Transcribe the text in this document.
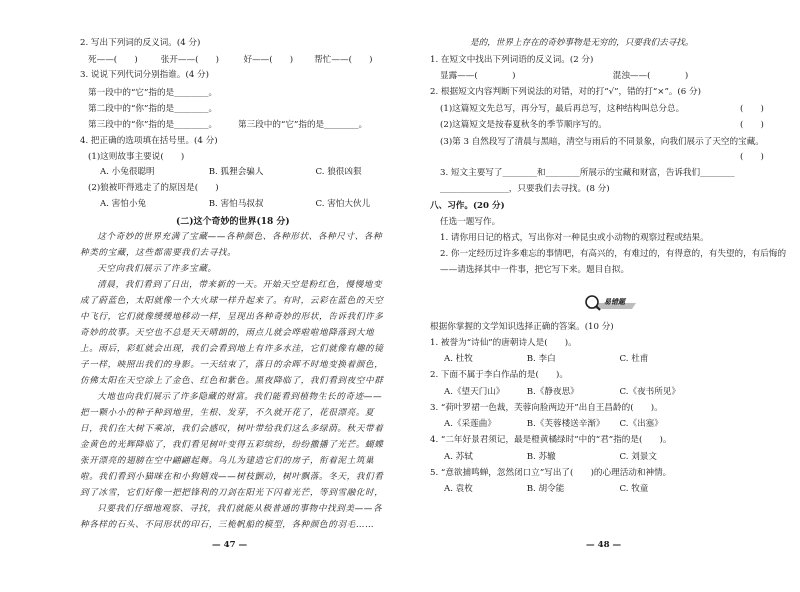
2. 写出下列词的反义词。(4 分)
死——(　　)	张开——(　　)	好——(　　) 帮忙——(　　)
3. 说说下列代词分别指谁。(4 分)
第一段中的“它”指的是________。
第二段中的“你”指的是________。
第三段中的“你”指的是________。 第三段中的“它”指的是________。
4. 把正确的选项填在括号里。(4 分)
(1)这则故事主要说(　　)
A. 小兔很聪明	B. 狐狸会骗人	C. 狼很凶狠
(2)狼被吓得逃走了的原因是(　　)
A. 害怕小兔	B. 害怕马叔叔	C. 害怕大伙儿
(二)这个奇妙的世界(18 分)
这个奇妙的世界充满了宝藏——各种颜色、各种形状、各种尺寸、各种种类的宝藏，这些都需要我们去寻找。
天空向我们展示了许多宝藏。
清晨，我们看到了日出，带来新的一天。开始天空是粉红色，慢慢地变成了蔚蓝色，太阳就像一个大火球一样升起来了。有时，云彩在蓝色的天空中飞行，它们就像缓缓地移动一样，呈现出各种奇妙的形状，告诉我们许多奇妙的故事。天空也不总是天天晴朗的，雨点儿就会哗啦啦地降落到大地上。雨后，彩虹就会出现，我们会看到地上有许多水洼，它们就像有趣的镜子一样，映照出我们的身影。一天结束了，落日的余晖不时地变换着颜色，仿佛太阳在天空涂上了金色、红色和紫色。黑夜降临了，我们看到夜空中群
大地也向我们展示了许多隐藏的财富。我们能看到植物生长的奇迹——把一颗小小的种子种到地里，生根、发芽，不久就开花了，花很漂亮。夏日，我们在大树下乘凉，我们会感叹，树叶带给我们这么多绿荫。秋天带着金黄色的光辉降临了，我们看见树叶变得五彩缤纷，纷纷撒播了光芒。蝴蝶张开漂亮的翅膀在空中翩翩起舞。鸟儿为建造它们的房子，衔着泥土筑巢啦。我们看到小猫咪在和小狗嬉戏——树枝颤动，树叶飘落。冬天，我们看到了冰雪，它们好像一把把锋利的刀剑在阳光下闪着光芒，等到雪融化时，
只要我们仔细地观察、寻找，我们就能从极普通的事物中找到美——各种各样的石头、不同形状的印石，三桅帆船的模型，各种颜色的羽毛……
— 47 —
是的，世界上存在的奇妙事物是无穷的，只要我们去寻找。
1. 在短文中找出下列词语的反义词。(2 分)
显露——(　　　　)	混浊——(　　　　)
2. 根据短文内容判断下列说法的对错，对的打“√”，错的打“×”。(6 分)
(1)这篇短文先总写，再分写，最后再总写，这种结构叫总分总。	(　　)
(2)这篇短文是按春夏秋冬的季节顺序写的。	(　　)
(3)第 3 自然段写了清晨与黑暗，清空与雨后的不同景象，向我们展示了天空的宝藏。
(　　)
3. 短文主要写了________和________所展示的宝藏和财富，告诉我们________
________________，只要我们去寻找。(8 分)
八、习作。(20 分)
任选一题写作。
1. 请你用日记的格式，写出你对一种昆虫或小动物的观察过程或结果。
2. 你一定经历过许多难忘的事情吧，有高兴的，有难过的，有得意的，有失望的，有后悔的
——请选择其中一件事，把它写下来。题目自拟。
易错题
根据你掌握的文学知识选择正确的答案。(10 分)
1. 被誉为“诗仙”的唐朝诗人是(　　)。
A. 杜牧	B. 李白	C. 杜甫
2. 下面不属于李白作品的是(　　)。
A.《望天门山》	B.《静夜思》	C.《夜书所见》
3. “荷叶罗裙一色裁，芙蓉向脸两边开”出自王昌龄的(　　)。
A.《采莲曲》	B.《芙蓉楼送辛渐》 C.《出塞》
4. “二年好景君须记，最是橙黄橘绿时”中的“君”指的是(　　)。
A. 苏轼	B. 苏辙	C. 刘景文
5. “意欲捕鸣蝉，忽然闭口立”写出了(　　)的心理活动和神情。
A. 袁枚	B. 胡令能	C. 牧童
— 48 —
